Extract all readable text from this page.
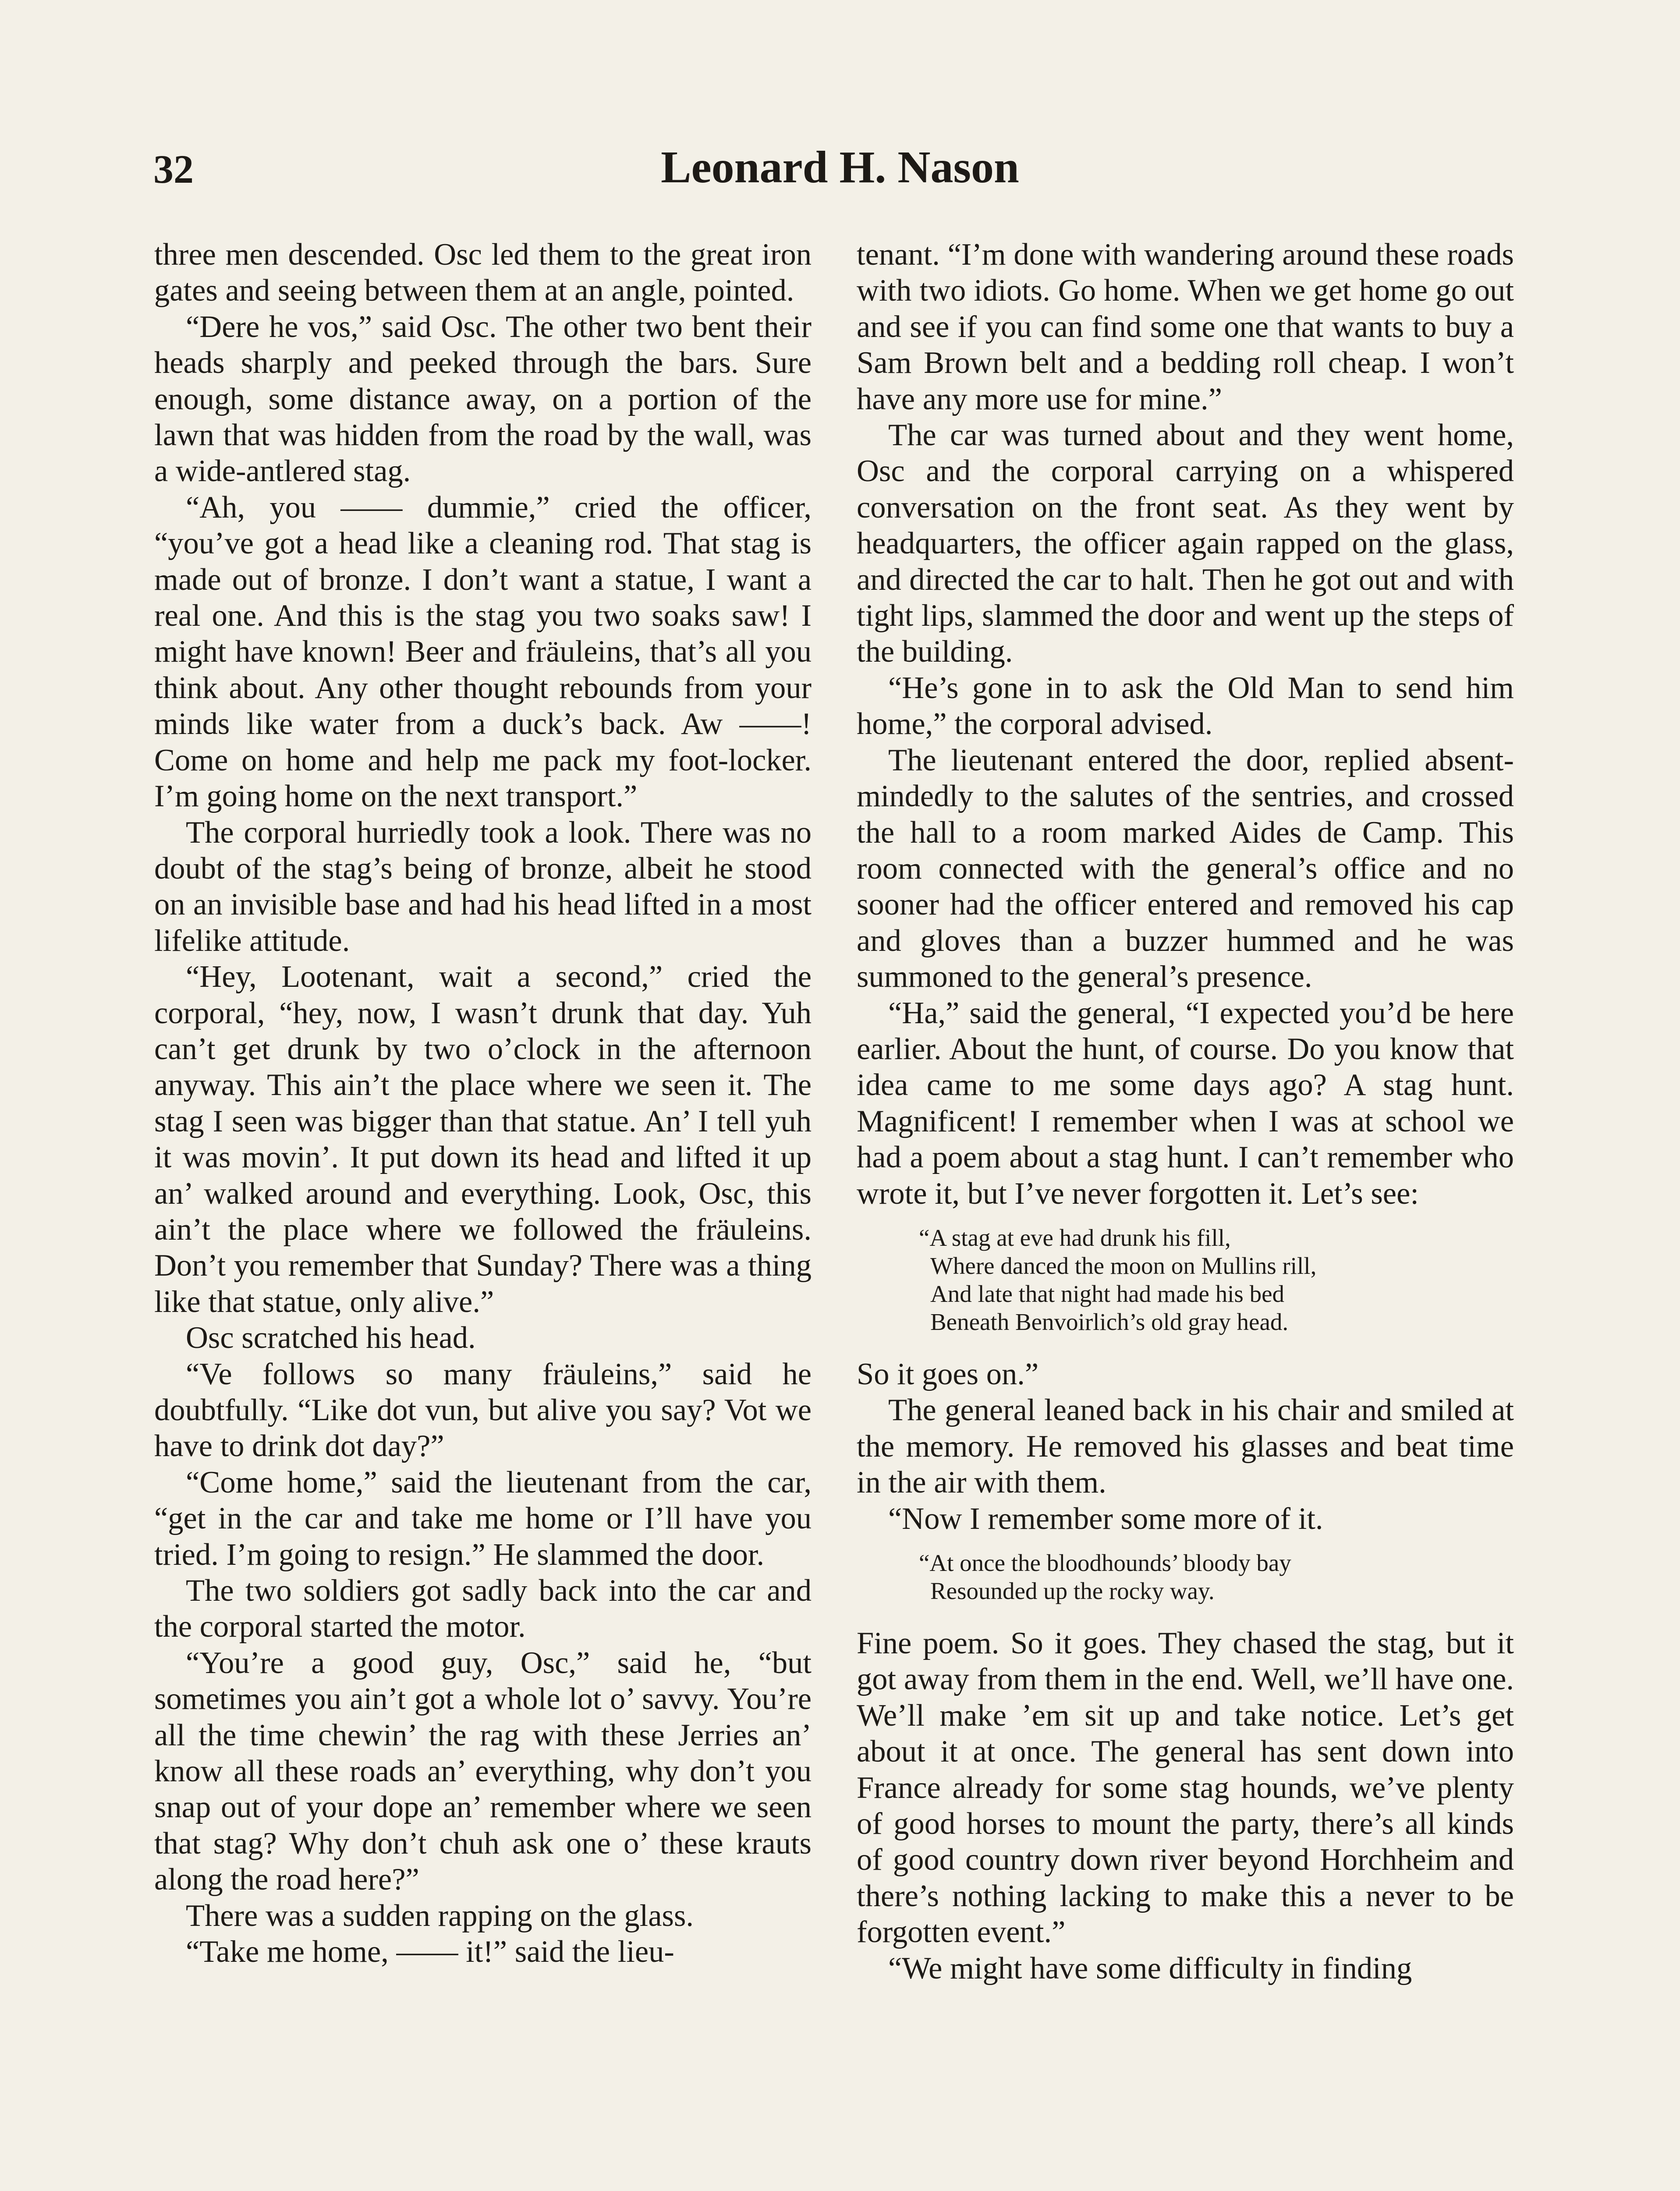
32	Leonard H. Nason

three men descended. Osc led them to the great iron gates and seeing between them at an angle, pointed.

“Dere he vos,” said Osc. The other two bent their heads sharply and peeked through the bars. Sure enough, some distance away, on a portion of the lawn that was hidden from the road by the wall, was a wide-antlered stag.

“Ah, you —— dummie,” cried the officer, “you’ve got a head like a cleaning rod. That stag is made out of bronze. I don’t want a statue, I want a real one. And this is the stag you two soaks saw! I might have known! Beer and fräuleins, that’s all you think about. Any other thought rebounds from your minds like water from a duck’s back. Aw ——! Come on home and help me pack my foot-locker. I’m going home on the next transport.”

The corporal hurriedly took a look. There was no doubt of the stag’s being of bronze, albeit he stood on an invisible base and had his head lifted in a most lifelike attitude.

“Hey, Lootenant, wait a second,” cried the corporal, “hey, now, I wasn’t drunk that day. Yuh can’t get drunk by two o’clock in the afternoon anyway. This ain’t the place where we seen it. The stag I seen was bigger than that statue. An’ I tell yuh it was movin’. It put down its head and lifted it up an’ walked around and everything. Look, Osc, this ain’t the place where we followed the fräuleins. Don’t you remember that Sunday? There was a thing like that statue, only alive.”

Osc scratched his head.

“Ve follows so many fräuleins,” said he doubtfully. “Like dot vun, but alive you say? Vot we have to drink dot day?”

“Come home,” said the lieutenant from the car, “get in the car and take me home or I’ll have you tried. I’m going to resign.” He slammed the door.

The two soldiers got sadly back into the car and the corporal started the motor.

“You’re a good guy, Osc,” said he, “but sometimes you ain’t got a whole lot o’ savvy. You’re all the time chewin’ the rag with these Jerries an’ know all these roads an’ everything, why don’t you snap out of your dope an’ remember where we seen that stag? Why don’t chuh ask one o’ these krauts along the road here?”

There was a sudden rapping on the glass.

“Take me home, —— it!” said the lieu-

tenant. “I’m done with wandering around these roads with two idiots. Go home. When we get home go out and see if you can find some one that wants to buy a Sam Brown belt and a bedding roll cheap. I won’t have any more use for mine.”

The car was turned about and they went home, Osc and the corporal carrying on a whispered conversation on the front seat. As they went by headquarters, the officer again rapped on the glass, and directed the car to halt. Then he got out and with tight lips, slammed the door and went up the steps of the building.

“He’s gone in to ask the Old Man to send him home,” the corporal advised.

The lieutenant entered the door, replied absent-mindedly to the salutes of the sentries, and crossed the hall to a room marked Aides de Camp. This room connected with the general’s office and no sooner had the officer entered and removed his cap and gloves than a buzzer hummed and he was summoned to the general’s presence.

“Ha,” said the general, “I expected you’d be here earlier. About the hunt, of course. Do you know that idea came to me some days ago? A stag hunt. Magnificent! I remember when I was at school we had a poem about a stag hunt. I can’t remember who wrote it, but I’ve never forgotten it. Let’s see:

“A stag at eve had drunk his fill,
Where danced the moon on Mullins rill,
And late that night had made his bed
Beneath Benvoirlich’s old gray head.

So it goes on.”

The general leaned back in his chair and smiled at the memory. He removed his glasses and beat time in the air with them.

“Now I remember some more of it.

“At once the bloodhounds’ bloody bay
Resounded up the rocky way.

Fine poem. So it goes. They chased the stag, but it got away from them in the end. Well, we’ll have one. We’ll make ’em sit up and take notice. Let’s get about it at once. The general has sent down into France already for some stag hounds, we’ve plenty of good horses to mount the party, there’s all kinds of good country down river beyond Horchheim and there’s nothing lacking to make this a never to be forgotten event.”

“We might have some difficulty in finding
